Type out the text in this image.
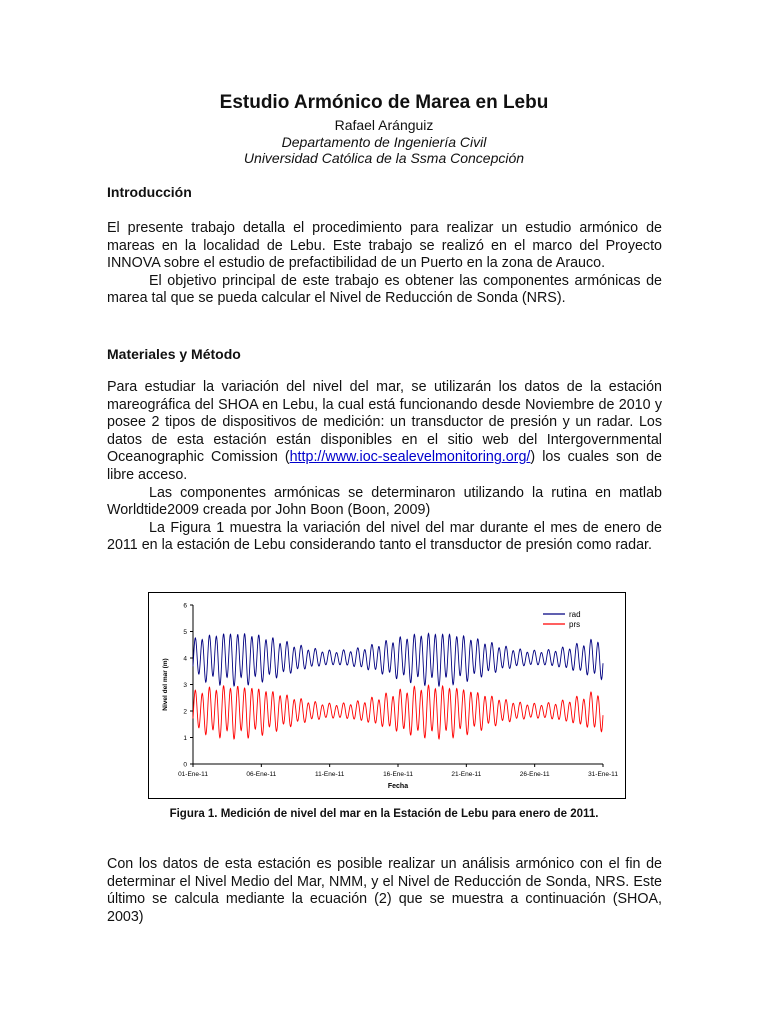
Estudio Armónico de Marea en Lebu
Rafael Aránguiz
Departamento de Ingeniería Civil
Universidad Católica de la Ssma Concepción
Introducción

El presente trabajo detalla el procedimiento para realizar un estudio armónico de mareas en la localidad de Lebu. Este trabajo se realizó en el marco del Proyecto INNOVA sobre el estudio de prefactibilidad de un Puerto en la zona de Arauco.

El objetivo principal de este trabajo es obtener las componentes armónicas de marea tal que se pueda calcular el Nivel de Reducción de Sonda (NRS).

Materiales y Método

Para estudiar la variación del nivel del mar, se utilizarán los datos de la estación mareográfica del SHOA en Lebu, la cual está funcionando desde Noviembre de 2010 y posee 2 tipos de dispositivos de medición: un transductor de presión y un radar. Los datos de esta estación están disponibles en el sitio web del Intergovernmental Oceanographic Comission (http://www.ioc-sealevelmonitoring.org/) los cuales son de libre acceso.

Las componentes armónicas se determinaron utilizando la rutina en matlab Worldtide2009 creada por John Boon (Boon, 2009)

La Figura 1 muestra la variación del nivel del mar durante el mes de enero de 2011 en la estación de Lebu considerando tanto el transductor de presión como radar.

0
1
2
3
4
5
6
01-Ene-11	06-Ene-11	11-Ene-11	16-Ene-11	21-Ene-11	26-Ene-11	31-Ene-11
Fecha
Nivel del mar (m)
rad
prs
Figura 1. Medición de nivel del mar en la Estación de Lebu para enero de 2011.

Con los datos de esta estación es posible realizar un análisis armónico con el fin de determinar el Nivel Medio del Mar, NMM, y el Nivel de Reducción de Sonda, NRS. Este último se calcula mediante la ecuación (2) que se muestra a continuación (SHOA, 2003)
